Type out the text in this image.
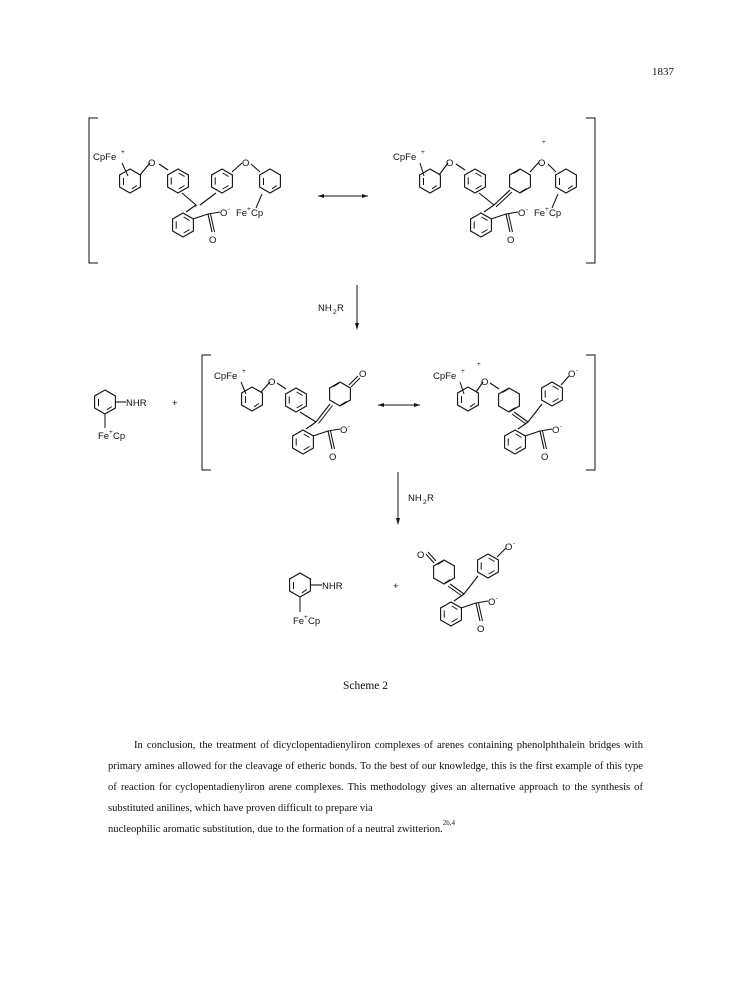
1837
CpFe +
O
+
O
O -
O
Fe + Cp
CpFe +
O	O
+
O -
O
Fe + Cp
NH 2 R
NHR
Fe + Cp
+
CpFe +
O
O
O -
O
CpFe +
+
O
O -
O -
O
NH 2 R
NHR
Fe + Cp
+
O
O -
O -
O
Scheme 2
In conclusion, the treatment of dicyclopentadienyliron complexes of arenes containing phenolphthalein bridges with primary amines allowed for the cleavage of etheric bonds. To the best of our knowledge, this is the first example of this type of reaction for cyclopentadienyliron arene complexes. This methodology gives an alternative approach to the synthesis of substituted anilines, which have proven difficult to prepare via
nucleophilic aromatic substitution, due to the formation of a neutral zwitterion.$^{2b,4}$
